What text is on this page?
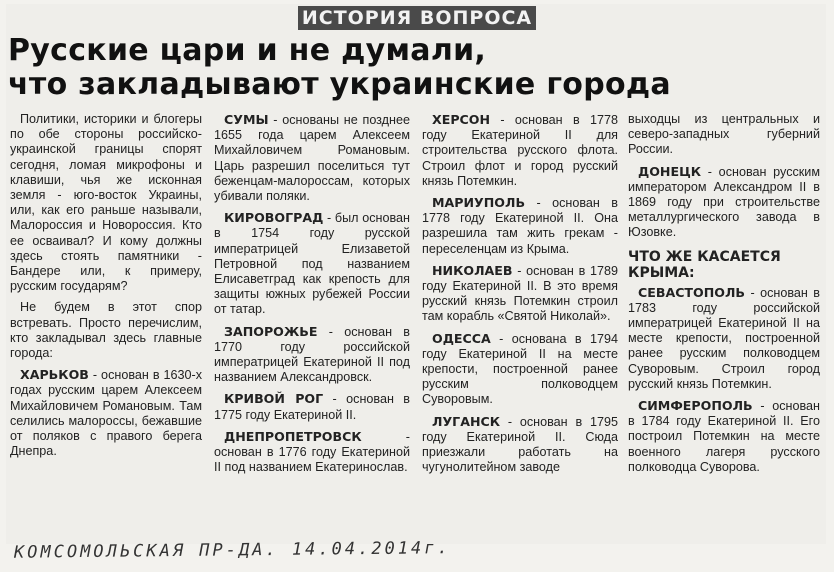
ИСТОРИЯ ВОПРОСА
Русские цари и не думали,
что закладывают украинские города

Политики, историки и блогеры по обе стороны российско-украинской границы спорят сегодня, ломая микрофоны и клавиши, чья же исконная земля - юго-восток Украины, или, как его раньше называли, Малороссия и Новороссия. Кто ее осваивал? И кому должны здесь стоять памятники - Бандере или, к примеру, русским государям?

Не будем в этот спор встревать. Просто перечислим, кто закладывал здесь главные города:

ХАРЬКОВ - основан в 1630-х годах русским царем Алексеем Михайловичем Романовым. Там селились малороссы, бежавшие от поляков с правого берега Днепра.

СУМЫ - основаны не позднее 1655 года царем Алексеем Михайловичем Романовым. Царь разрешил поселиться тут беженцам-малороссам, которых убивали поляки.

КИРОВОГРАД - был основан в 1754 году русской императрицей Елизаветой Петровной под названием Елисаветград как крепость для защиты южных рубежей России от татар.

ЗАПОРОЖЬЕ - основан в 1770 году российской императрицей Екатериной II под названием Александровск.

КРИВОЙ РОГ - основан в 1775 году Екатериной II.

ДНЕПРОПЕТРОВСК - основан в 1776 году Екатериной II под названием Екатеринослав.

ХЕРСОН - основан в 1778 году Екатериной II для строительства русского флота. Строил флот и город русский князь Потемкин.

МАРИУПОЛЬ - основан в 1778 году Екатериной II. Она разрешила там жить грекам - переселенцам из Крыма.

НИКОЛАЕВ - основан в 1789 году Екатериной II. В это время русский князь Потемкин строил там корабль «Святой Николай».

ОДЕССА - основана в 1794 году Екатериной II на месте крепости, построенной ранее русским полководцем Суворовым.

ЛУГАНСК - основан в 1795 году Екатериной II. Сюда приезжали работать на чугунолитейном заводе

выходцы из центральных и северо-западных губерний России.

ДОНЕЦК - основан русским императором Александром II в 1869 году при строительстве металлургического завода в Юзовке.

ЧТО ЖЕ КАСАЕТСЯ КРЫМА:

СЕВАСТОПОЛЬ - основан в 1783 году российской императрицей Екатериной II на месте крепости, построенной ранее русским полководцем Суворовым. Строил город русский князь Потемкин.

СИМФЕРОПОЛЬ - основан в 1784 году Екатериной II. Его построил Потемкин на месте военного лагеря русского полководца Суворова.

КОМСОМОЛЬСКАЯ ПР-ДА. 14.04.2014г.
